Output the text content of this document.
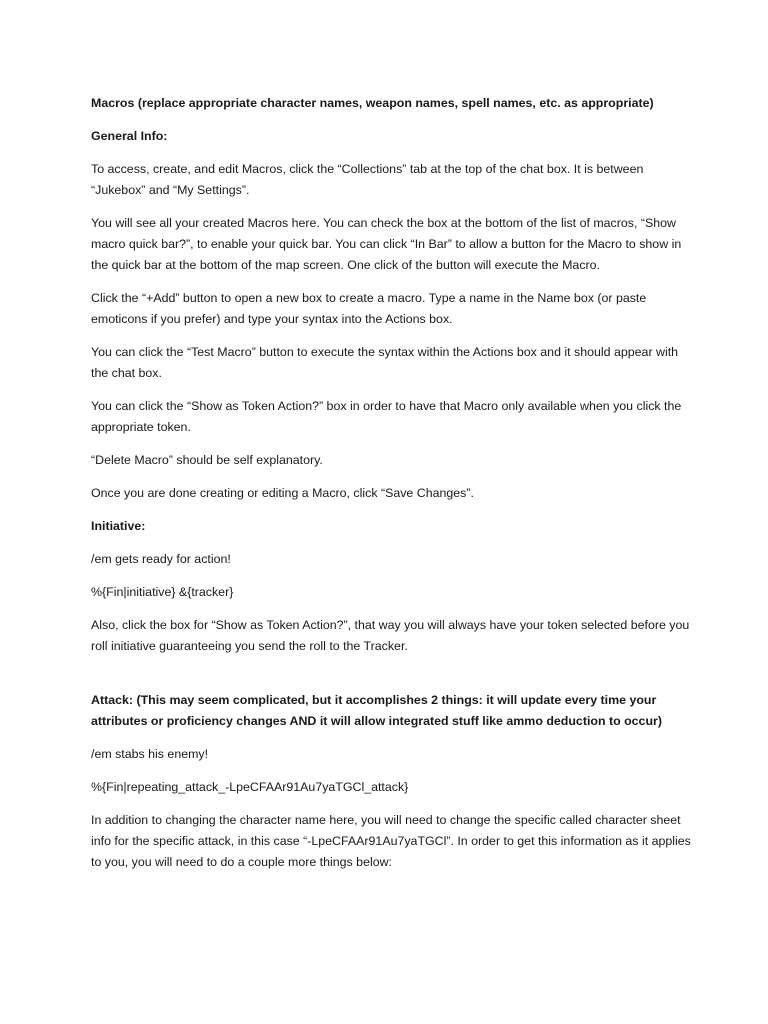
Macros (replace appropriate character names, weapon names, spell names, etc. as appropriate)

General Info:

To access, create, and edit Macros, click the “Collections” tab at the top of the chat box. It is between “Jukebox” and “My Settings”.

You will see all your created Macros here. You can check the box at the bottom of the list of macros, “Show macro quick bar?”, to enable your quick bar. You can click “In Bar” to allow a button for the Macro to show in the quick bar at the bottom of the map screen. One click of the button will execute the Macro.

Click the “+Add” button to open a new box to create a macro. Type a name in the Name box (or paste emoticons if you prefer) and type your syntax into the Actions box.

You can click the “Test Macro” button to execute the syntax within the Actions box and it should appear with the chat box.

You can click the “Show as Token Action?” box in order to have that Macro only available when you click the appropriate token.

“Delete Macro” should be self explanatory.

Once you are done creating or editing a Macro, click “Save Changes”.

Initiative:

/em gets ready for action!

%{Fin|initiative} &{tracker}

Also, click the box for “Show as Token Action?”, that way you will always have your token selected before you roll initiative guaranteeing you send the roll to the Tracker.

Attack: (This may seem complicated, but it accomplishes 2 things: it will update every time your attributes or proficiency changes AND it will allow integrated stuff like ammo deduction to occur)

/em stabs his enemy!

%{Fin|repeating_attack_-LpeCFAAr91Au7yaTGCl_attack}

In addition to changing the character name here, you will need to change the specific called character sheet info for the specific attack, in this case “-LpeCFAAr91Au7yaTGCl”. In order to get this information as it applies to you, you will need to do a couple more things below:
